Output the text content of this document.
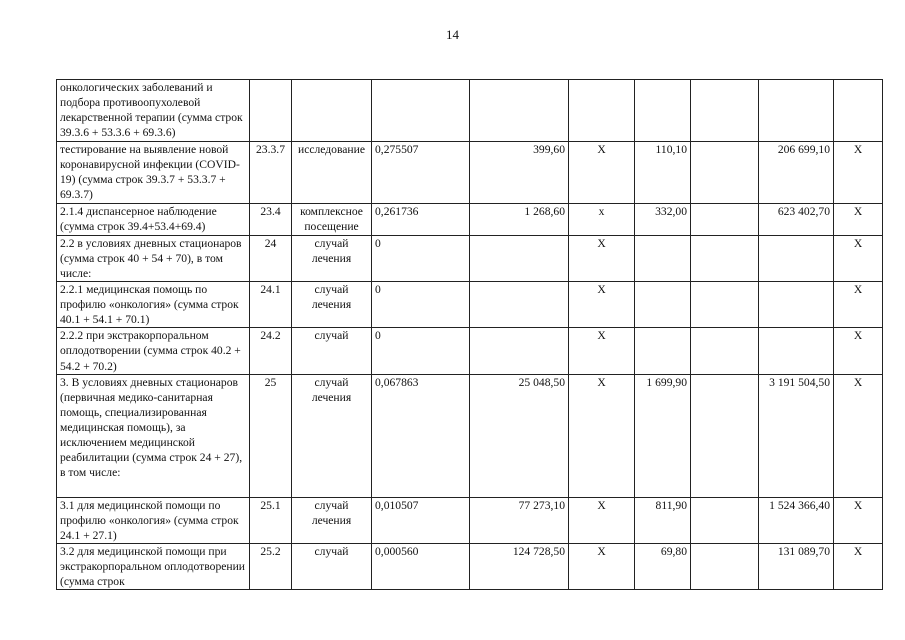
14
онкологических заболеваний и подбора противоопухолевой лекарственной терапии (сумма строк 39.3.6 + 53.3.6 + 69.3.6)									
тестирование на выявление новой коронавирусной инфекции (COVID-19) (сумма строк 39.3.7 + 53.3.7 + 69.3.7)	23.3.7	исследование	0,275507	399,60	Х	110,10		206 699,10	Х
2.1.4 диспансерное наблюдение (сумма строк 39.4+53.4+69.4)	23.4	комплексное посещение	0,261736	1 268,60	х	332,00		623 402,70	Х
2.2 в условиях дневных стационаров (сумма строк 40 + 54 + 70), в том числе:	24	случай лечения	0		Х				Х
2.2.1 медицинская помощь по профилю «онкология» (сумма строк 40.1 + 54.1 + 70.1)	24.1	случай лечения	0		Х				Х
2.2.2 при экстракорпоральном оплодотворении (сумма строк 40.2 + 54.2 + 70.2)	24.2	случай	0		Х				Х
3. В условиях дневных стационаров (первичная медико-санитарная помощь, специализированная медицинская помощь), за исключением медицинской реабилитации (сумма строк 24 + 27), в том числе:	25	случай лечения	0,067863	25 048,50	Х	1 699,90		3 191 504,50	Х
3.1 для медицинской помощи по профилю «онкология» (сумма строк 24.1 + 27.1)	25.1	случай лечения	0,010507	77 273,10	Х	811,90		1 524 366,40	Х
3.2 для медицинской помощи при экстракорпоральном оплодотворении (сумма строк	25.2	случай	0,000560	124 728,50	Х	69,80		131 089,70	Х
